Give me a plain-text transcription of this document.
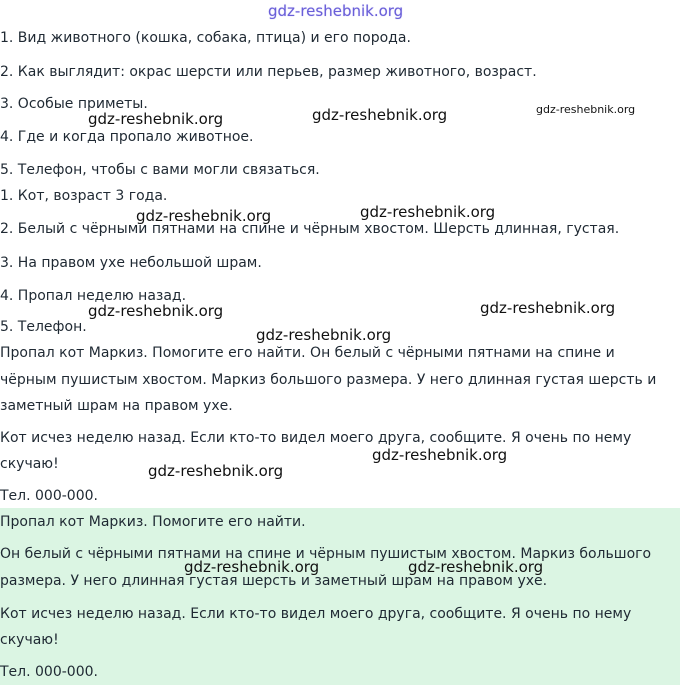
1. Вид животного (кошка, собака, птица) и его порода.
2. Как выглядит: окрас шерсти или перьев, размер животного, возраст.
3. Особые приметы.
4. Где и когда пропало животное.
5. Телефон, чтобы с вами могли связаться.
1. Кот, возраст 3 года.
2. Белый с чёрными пятнами на спине и чёрным хвостом. Шерсть длинная, густая.
3. На правом ухе небольшой шрам.
4. Пропал неделю назад.
5. Телефон.
Пропал кот Маркиз. Помогите его найти. Он белый с чёрными пятнами на спине и
чёрным пушистым хвостом. Маркиз большого размера. У него длинная густая шерсть и
заметный шрам на правом ухе.
Кот исчез неделю назад. Если кто-то видел моего друга, сообщите. Я очень по нему
скучаю!
Тел. 000-000.
Пропал кот Маркиз. Помогите его найти.
Он белый с чёрными пятнами на спине и чёрным пушистым хвостом. Маркиз большого
размера. У него длинная густая шерсть и заметный шрам на правом ухе.
Кот исчез неделю назад. Если кто-то видел моего друга, сообщите. Я очень по нему
скучаю!
Тел. 000-000.
gdz-reshebnik.org
gdz-reshebnik.org	gdz-reshebnik.org	gdz-reshebnik.org
gdz-reshebnik.org	gdz-reshebnik.org
gdz-reshebnik.org
gdz-reshebnik.org
gdz-reshebnik.org
gdz-reshebnik.org
gdz-reshebnik.org
gdz-reshebnik.org	gdz-reshebnik.org
